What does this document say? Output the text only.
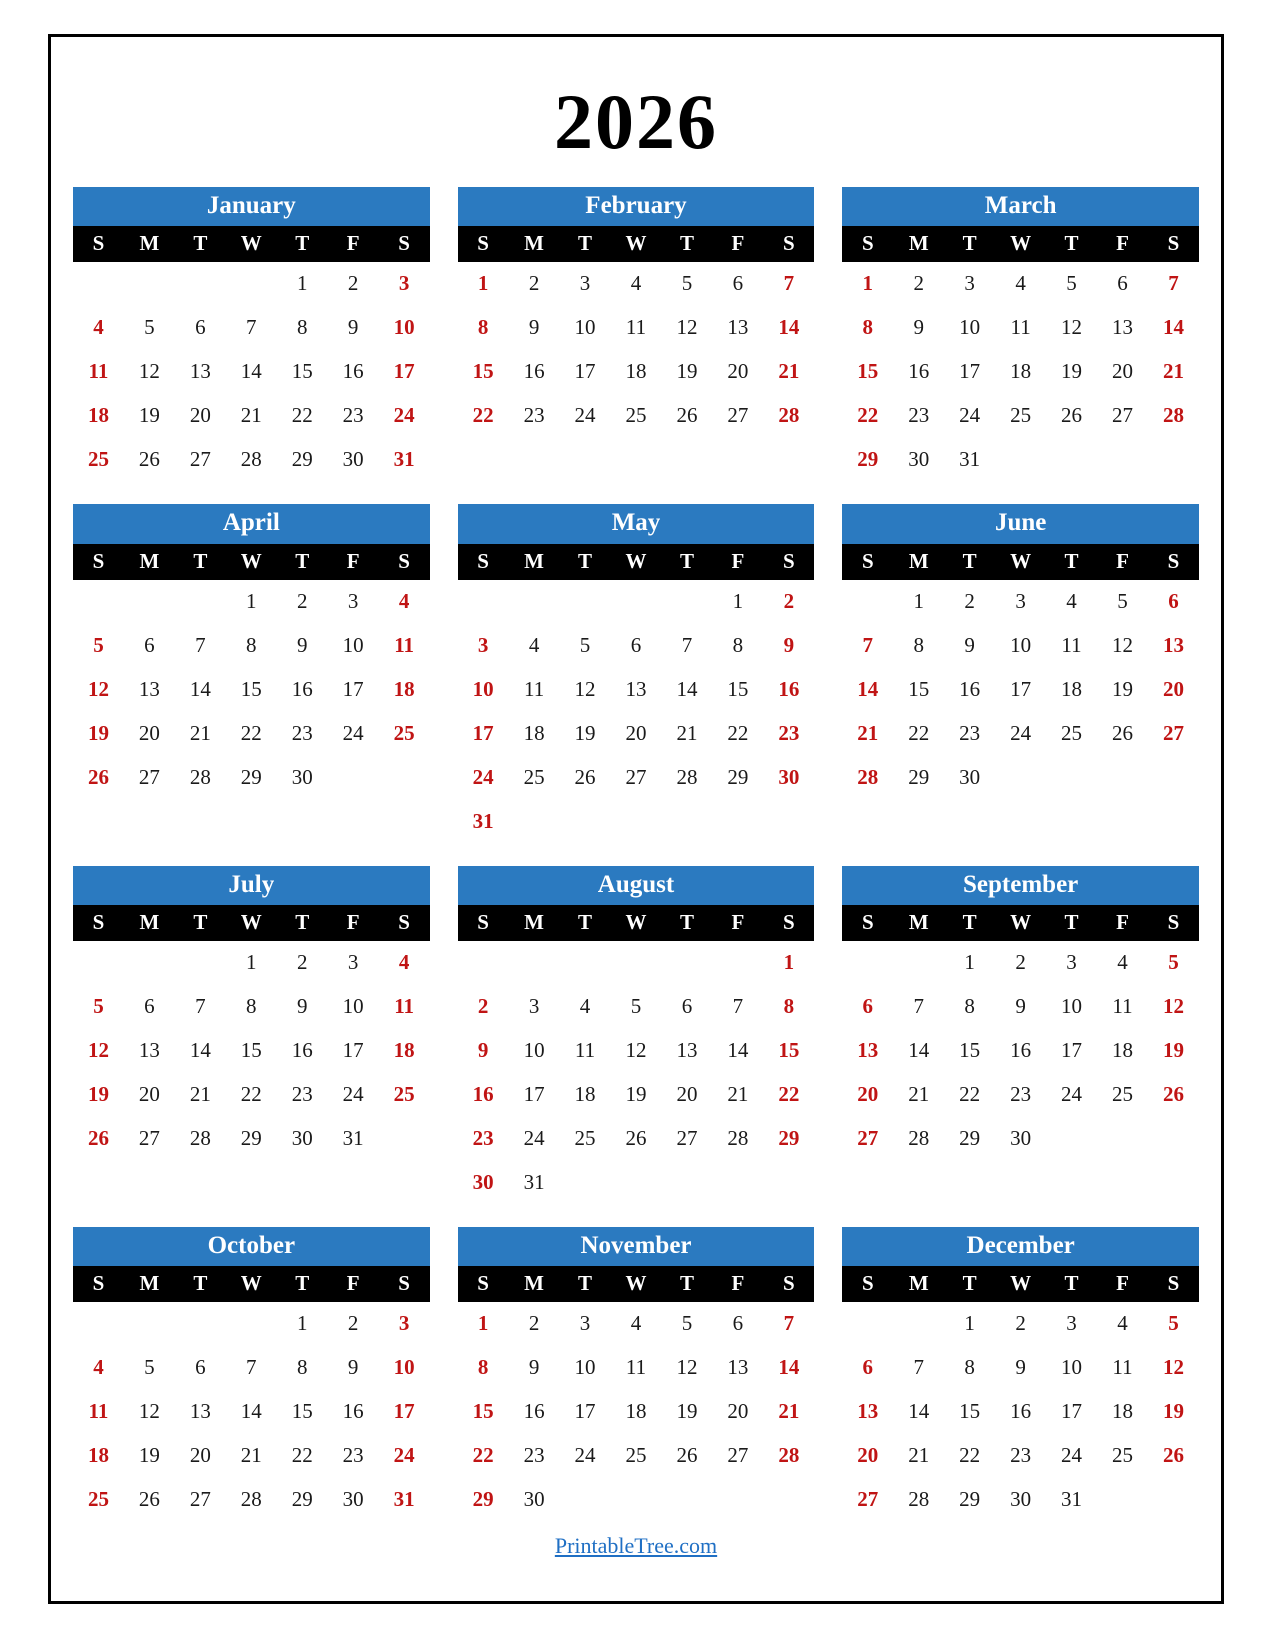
2026
January
S	M	T	W	T	F	S
				1	2	3
4	5	6	7	8	9	10
11	12	13	14	15	16	17
18	19	20	21	22	23	24
25	26	27	28	29	30	31
February
S	M	T	W	T	F	S
1	2	3	4	5	6	7
8	9	10	11	12	13	14
15	16	17	18	19	20	21
22	23	24	25	26	27	28
March
S	M	T	W	T	F	S
1	2	3	4	5	6	7
8	9	10	11	12	13	14
15	16	17	18	19	20	21
22	23	24	25	26	27	28
29	30	31				
April
S	M	T	W	T	F	S
			1	2	3	4
5	6	7	8	9	10	11
12	13	14	15	16	17	18
19	20	21	22	23	24	25
26	27	28	29	30		
May
S	M	T	W	T	F	S
					1	2
3	4	5	6	7	8	9
10	11	12	13	14	15	16
17	18	19	20	21	22	23
24	25	26	27	28	29	30
31						
June
S	M	T	W	T	F	S
	1	2	3	4	5	6
7	8	9	10	11	12	13
14	15	16	17	18	19	20
21	22	23	24	25	26	27
28	29	30				
July
S	M	T	W	T	F	S
			1	2	3	4
5	6	7	8	9	10	11
12	13	14	15	16	17	18
19	20	21	22	23	24	25
26	27	28	29	30	31	
August
S	M	T	W	T	F	S
						1
2	3	4	5	6	7	8
9	10	11	12	13	14	15
16	17	18	19	20	21	22
23	24	25	26	27	28	29
30	31					
September
S	M	T	W	T	F	S
		1	2	3	4	5
6	7	8	9	10	11	12
13	14	15	16	17	18	19
20	21	22	23	24	25	26
27	28	29	30			
October
S	M	T	W	T	F	S
				1	2	3
4	5	6	7	8	9	10
11	12	13	14	15	16	17
18	19	20	21	22	23	24
25	26	27	28	29	30	31
November
S	M	T	W	T	F	S
1	2	3	4	5	6	7
8	9	10	11	12	13	14
15	16	17	18	19	20	21
22	23	24	25	26	27	28
29	30					
December
S	M	T	W	T	F	S
		1	2	3	4	5
6	7	8	9	10	11	12
13	14	15	16	17	18	19
20	21	22	23	24	25	26
27	28	29	30	31		
PrintableTree.com
